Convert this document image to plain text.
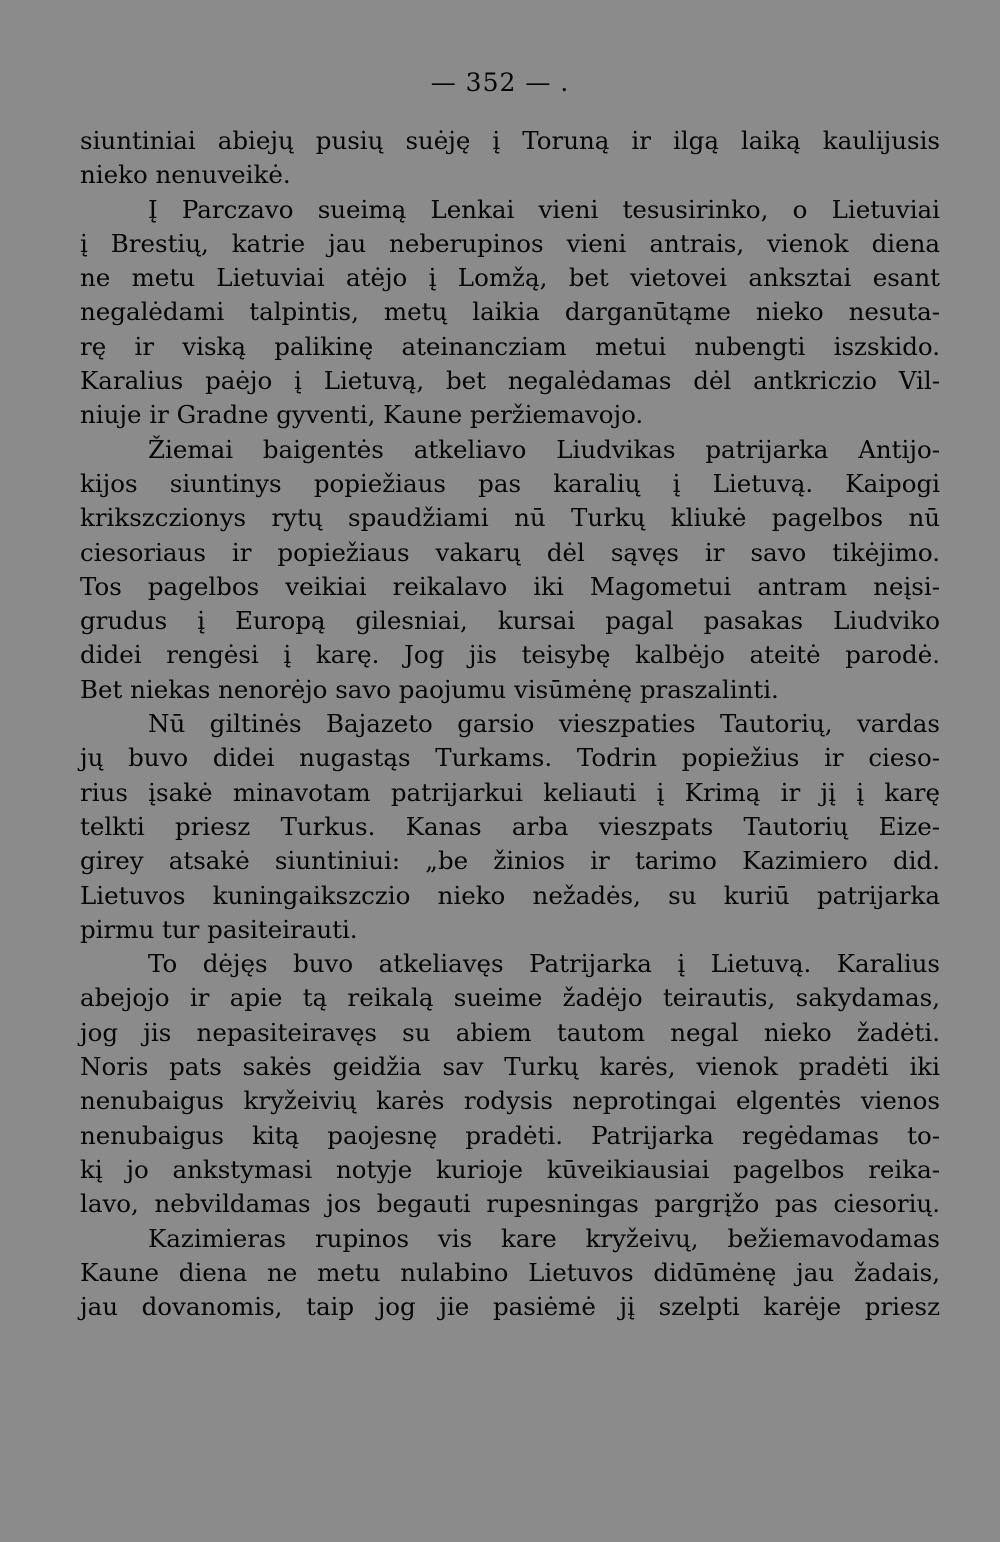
— 352 — .
siuntiniai abiejų pusių suėję į Toruną ir ilgą laiką kaulijusis
nieko nenuveikė.
Į Parczavo sueimą Lenkai vieni tesusirinko, o Lietuviai
į Brestių, katrie jau neberupinos vieni antrais, vienok diena
ne metu Lietuviai atėjo į Lomžą, bet vietovei anksztai esant
negalėdami talpintis, metų laikia darganūtąme nieko nesuta-
rę ir viską palikinę ateinancziam metui nubengti iszskido.
Karalius paėjo į Lietuvą, bet negalėdamas dėl antkriczio Vil-
niuje ir Gradne gyventi, Kaune peržiemavojo.
Žiemai baigentės atkeliavo Liudvikas patrijarka Antijo-
kijos siuntinys popiežiaus pas karalių į Lietuvą. Kaipogi
krikszczionys rytų spaudžiami nū Turkų kliukė pagelbos nū
ciesoriaus ir popiežiaus vakarų dėl sąvęs ir savo tikėjimo.
Tos pagelbos veikiai reikalavo iki Magometui antram neįsi-
grudus į Europą gilesniai, kursai pagal pasakas Liudviko
didei rengėsi į karę. Jog jis teisybę kalbėjo ateitė parodė.
Bet niekas nenorėjo savo paojumu visūmėnę praszalinti.
Nū giltinės Bajazeto garsio vieszpaties Tautorių, vardas
jų buvo didei nugastąs Turkams. Todrin popiežius ir cieso-
rius įsakė minavotam patrijarkui keliauti į Krimą ir jį į karę
telkti priesz Turkus. Kanas arba vieszpats Tautorių Eize-
girey atsakė siuntiniui: „be žinios ir tarimo Kazimiero did.
Lietuvos kuningaikszczio nieko nežadės, su kuriū patrijarka
pirmu tur pasiteirauti.
To dėjęs buvo atkeliavęs Patrijarka į Lietuvą. Karalius
abejojo ir apie tą reikalą sueime žadėjo teirautis, sakydamas,
jog jis nepasiteiravęs su abiem tautom negal nieko žadėti.
Noris pats sakės geidžia sav Turkų karės, vienok pradėti iki
nenubaigus kryžeivių karės rodysis neprotingai elgentės vienos
nenubaigus kitą paojesnę pradėti. Patrijarka regėdamas to-
kį jo ankstymasi notyje kurioje kūveikiausiai pagelbos reika-
lavo, nebvildamas jos begauti rupesningas pargrįžo pas ciesorių.
Kazimieras rupinos vis kare kryžeivų, bežiemavodamas
Kaune diena ne metu nulabino Lietuvos didūmėnę jau žadais,
jau dovanomis, taip jog jie pasiėmė jį szelpti karėje priesz
